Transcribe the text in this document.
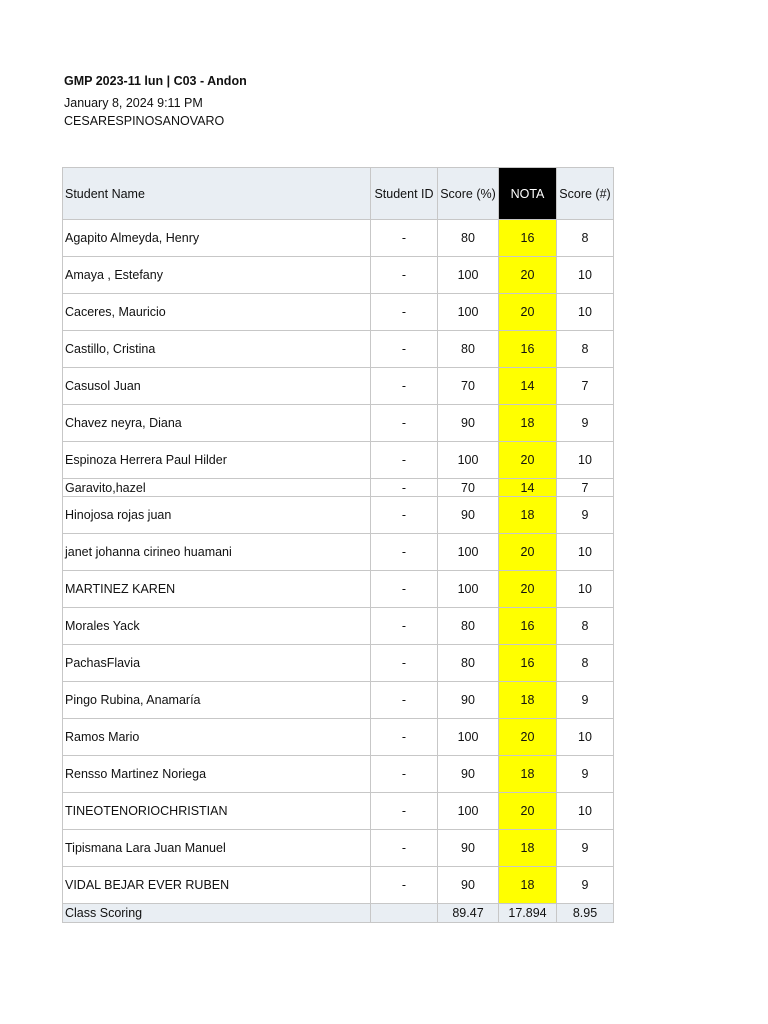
GMP 2023-11 lun | C03 - Andon
January 8, 2024 9:11 PM
CESARESPINOSANOVARO
Student Name	Student ID	Score (%)	NOTA	Score (#)
Agapito Almeyda, Henry	-	80	16	8
Amaya , Estefany	-	100	20	10
Caceres, Mauricio	-	100	20	10
Castillo, Cristina	-	80	16	8
Casusol Juan	-	70	14	7
Chavez neyra, Diana	-	90	18	9
Espinoza Herrera Paul Hilder	-	100	20	10
Garavito,hazel	-	70	14	7
Hinojosa rojas juan	-	90	18	9
janet johanna cirineo huamani	-	100	20	10
MARTINEZ KAREN	-	100	20	10
Morales Yack	-	80	16	8
PachasFlavia	-	80	16	8
Pingo Rubina, Anamaría	-	90	18	9
Ramos Mario	-	100	20	10
Rensso Martinez Noriega	-	90	18	9
TINEOTENORIOCHRISTIAN	-	100	20	10
Tipismana Lara Juan Manuel	-	90	18	9
VIDAL BEJAR EVER RUBEN	-	90	18	9
Class Scoring		89.47	17.894	8.95
